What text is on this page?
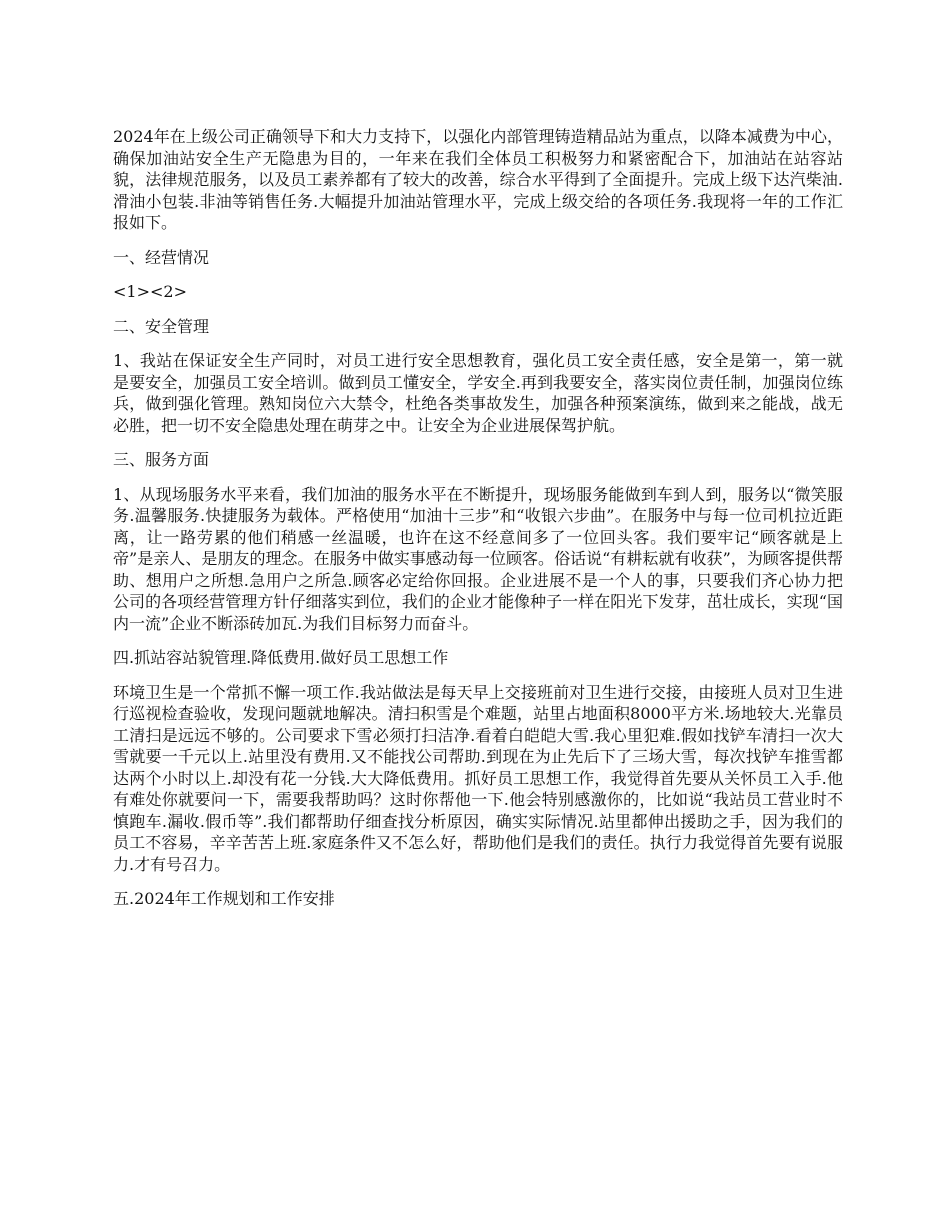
2024年在上级公司正确领导下和大力支持下，以强化内部管理铸造精品站为重点，以降本减费为中心，确保加油站安全生产无隐患为目的，一年来在我们全体员工积极努力和紧密配合下，加油站在站容站貌，法律规范服务，以及员工素养都有了较大的改善，综合水平得到了全面提升。完成上级下达汽柴油.滑油小包装.非油等销售任务.大幅提升加油站管理水平，完成上级交给的各项任务.我现将一年的工作汇报如下。

一、经营情况

<1><2>

二、安全管理

1、我站在保证安全生产同时，对员工进行安全思想教育，强化员工安全责任感，安全是第一，第一就是要安全，加强员工安全培训。做到员工懂安全，学安全.再到我要安全，落实岗位责任制，加强岗位练兵，做到强化管理。熟知岗位六大禁令，杜绝各类事故发生，加强各种预案演练，做到来之能战，战无必胜，把一切不安全隐患处理在萌芽之中。让安全为企业进展保驾护航。

三、服务方面

1、从现场服务水平来看，我们加油的服务水平在不断提升，现场服务能做到车到人到，服务以“微笑服务.温馨服务.快捷服务为载体。严格使用“加油十三步”和“收银六步曲”。在服务中与每一位司机拉近距离，让一路劳累的他们稍感一丝温暖，也许在这不经意间多了一位回头客。我们要牢记“顾客就是上帝”是亲人、是朋友的理念。在服务中做实事感动每一位顾客。俗话说“有耕耘就有收获”，为顾客提供帮助、想用户之所想.急用户之所急.顾客必定给你回报。企业进展不是一个人的事，只要我们齐心协力把公司的各项经营管理方针仔细落实到位，我们的企业才能像种子一样在阳光下发芽，茁壮成长，实现“国内一流”企业不断添砖加瓦.为我们目标努力而奋斗。

四.抓站容站貌管理.降低费用.做好员工思想工作

环境卫生是一个常抓不懈一项工作.我站做法是每天早上交接班前对卫生进行交接，由接班人员对卫生进行巡视检查验收，发现问题就地解决。清扫积雪是个难题，站里占地面积8000平方米.场地较大.光靠员工清扫是远远不够的。公司要求下雪必须打扫洁净.看着白皑皑大雪.我心里犯难.假如找铲车清扫一次大雪就要一千元以上.站里没有费用.又不能找公司帮助.到现在为止先后下了三场大雪，每次找铲车推雪都达两个小时以上.却没有花一分钱.大大降低费用。抓好员工思想工作，我觉得首先要从关怀员工入手.他有难处你就要问一下，需要我帮助吗？这时你帮他一下.他会特别感激你的，比如说“我站员工营业时不慎跑车.漏收.假币等”.我们都帮助仔细查找分析原因，确实实际情况.站里都伸出援助之手，因为我们的员工不容易，辛辛苦苦上班.家庭条件又不怎么好，帮助他们是我们的责任。执行力我觉得首先要有说服力.才有号召力。

五.2024年工作规划和工作安排
